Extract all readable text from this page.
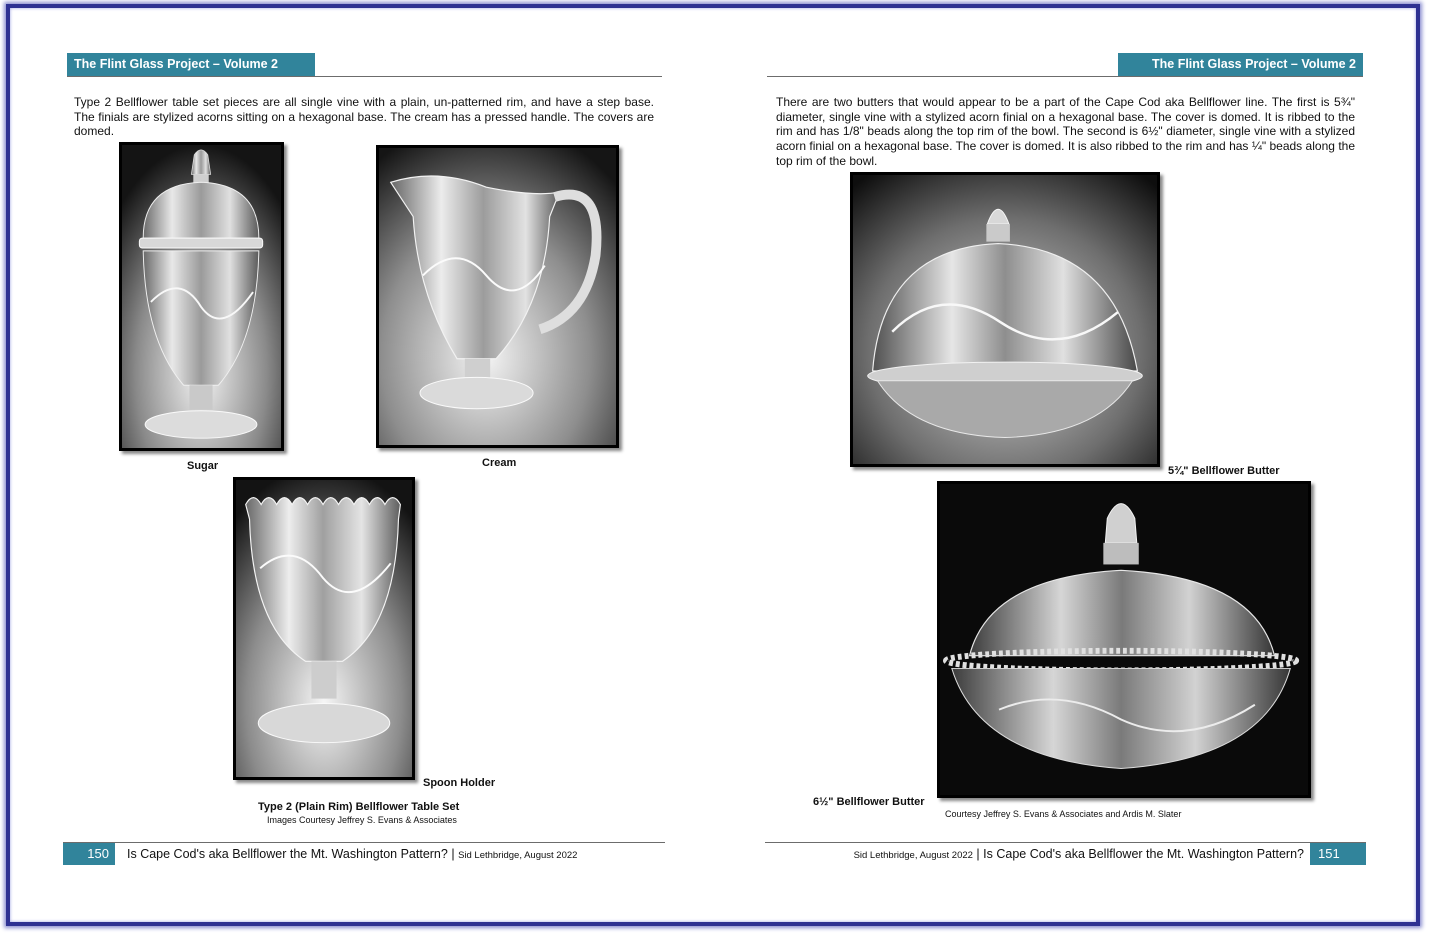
The Flint Glass Project – Volume 2
Type 2 Bellflower table set pieces are all single vine with a plain, un-patterned rim, and have a step base. The finials are stylized acorns sitting on a hexagonal base. The cream has a pressed handle. The covers are domed.
Sugar	Cream
Spoon Holder
Type 2 (Plain Rim) Bellflower Table Set
Images Courtesy Jeffrey S. Evans & Associates
150	Is Cape Cod's aka Bellflower the Mt. Washington Pattern? | Sid Lethbridge, August 2022
The Flint Glass Project – Volume 2
There are two butters that would appear to be a part of the Cape Cod aka Bellflower line. The first is 5¾" diameter, single vine with a stylized acorn finial on a hexagonal base. The cover is domed. It is ribbed to the rim and has 1/8" beads along the top rim of the bowl. The second is 6½" diameter, single vine with a stylized acorn finial on a hexagonal base. The cover is domed. It is also ribbed to the rim and has ¼" beads along the top rim of the bowl.
5¾" Bellflower Butter
6½" Bellflower Butter
Courtesy Jeffrey S. Evans & Associates and Ardis M. Slater
Sid Lethbridge, August 2022 | Is Cape Cod's aka Bellflower the Mt. Washington Pattern?	151
